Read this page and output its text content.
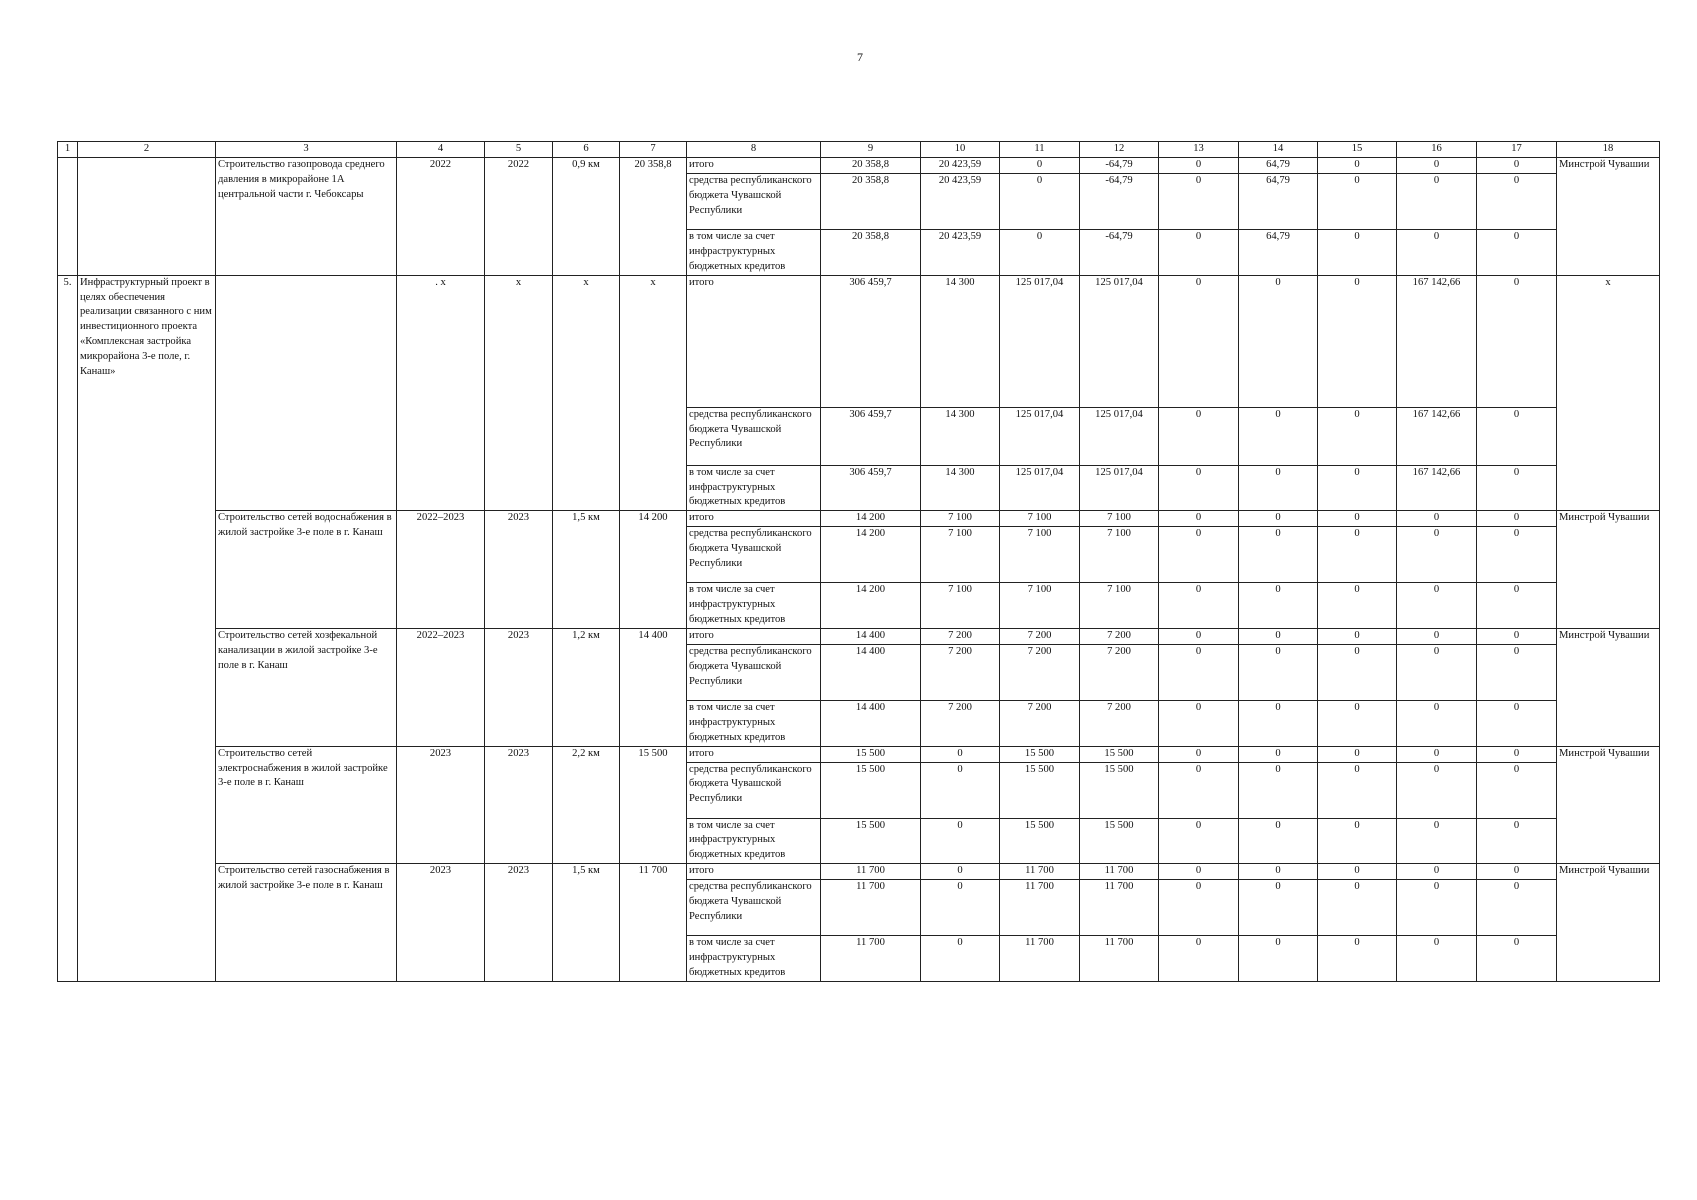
7
1	2	3	4	5	6	7	8	9	10	11	12	13	14	15	16	17	18
		Строительство газопровода среднего давления в микрорайоне 1А центральной части г. Чебоксары	2022	2022	0,9 км	20 358,8	итого	20 358,8	20 423,59	0	-64,79	0	64,79	0	0	0	Минстрой Чувашии
							средства республиканского бюджета Чувашской Республики	20 358,8	20 423,59	0	-64,79	0	64,79	0	0	0	
							в том числе за счет инфраструктурных бюджетных кредитов	20 358,8	20 423,59	0	-64,79	0	64,79	0	0	0	
5.	Инфраструктурный проект в целях обеспечения реализации связанного с ним инвестиционного проекта «Комплексная застройка микрорайона 3-е поле, г. Канаш»		. х	х	х	х	итого	306 459,7	14 300	125 017,04	125 017,04	0	0	0	167 142,66	0	х
							средства республиканского бюджета Чувашской Республики	306 459,7	14 300	125 017,04	125 017,04	0	0	0	167 142,66	0	
							в том числе за счет инфраструктурных бюджетных кредитов	306 459,7	14 300	125 017,04	125 017,04	0	0	0	167 142,66	0	
		Строительство сетей водоснабжения в жилой застройке 3-е поле в г. Канаш	2022–2023	2023	1,5 км	14 200	итого	14 200	7 100	7 100	7 100	0	0	0	0	0	Минстрой Чувашии
							средства республиканского бюджета Чувашской Республики	14 200	7 100	7 100	7 100	0	0	0	0	0	
							в том числе за счет инфраструктурных бюджетных кредитов	14 200	7 100	7 100	7 100	0	0	0	0	0	
		Строительство сетей хозфекальной канализации в жилой застройке 3-е поле в г. Канаш	2022–2023	2023	1,2 км	14 400	итого	14 400	7 200	7 200	7 200	0	0	0	0	0	Минстрой Чувашии
							средства республиканского бюджета Чувашской Республики	14 400	7 200	7 200	7 200	0	0	0	0	0	
							в том числе за счет инфраструктурных бюджетных кредитов	14 400	7 200	7 200	7 200	0	0	0	0	0	
		Строительство сетей электроснабжения в жилой застройке 3-е поле в г. Канаш	2023	2023	2,2 км	15 500	итого	15 500	0	15 500	15 500	0	0	0	0	0	Минстрой Чувашии
							средства республиканского бюджета Чувашской Республики	15 500	0	15 500	15 500	0	0	0	0	0	
							в том числе за счет инфраструктурных бюджетных кредитов	15 500	0	15 500	15 500	0	0	0	0	0	
		Строительство сетей газоснабжения в жилой застройке 3-е поле в г. Канаш	2023	2023	1,5 км	11 700	итого	11 700	0	11 700	11 700	0	0	0	0	0	Минстрой Чувашии
							средства республиканского бюджета Чувашской Республики	11 700	0	11 700	11 700	0	0	0	0	0	
							в том числе за счет инфраструктурных бюджетных кредитов	11 700	0	11 700	11 700	0	0	0	0	0	
